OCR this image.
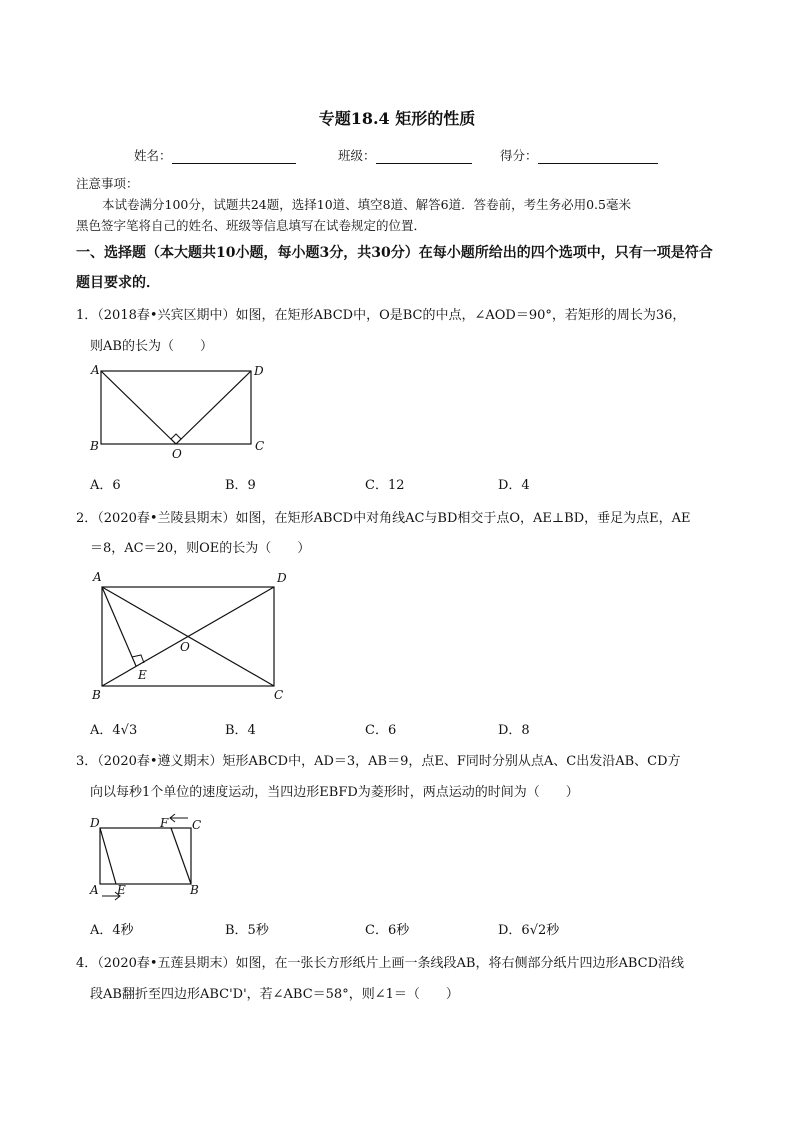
专题18.4 矩形的性质
姓名：	班级：	得分：
注意事项：
本试卷满分100分，试题共24题，选择10道、填空8道、解答6道．答卷前，考生务必用0.5毫米
黑色签字笔将自己的姓名、班级等信息填写在试卷规定的位置．
一、选择题（本大题共10小题，每小题3分，共30分）在每小题所给出的四个选项中，只有一项是符合
题目要求的．
1．（2018春•兴宾区期中）如图，在矩形ABCD中，O是BC的中点，∠AOD＝90°，若矩形的周长为36，
则AB的长为（　　）
A	D
B	C
O
A．6	B．9	C．12	D．4
2．（2020春•兰陵县期末）如图，在矩形ABCD中对角线AC与BD相交于点O，AE⊥BD，垂足为点E，AE
＝8，AC＝20，则OE的长为（　　）
A	D
B	C
O
E
A．4√3	B．4	C．6	D．8
3．（2020春•遵义期末）矩形ABCD中，AD＝3，AB＝9，点E、F同时分别从点A、C出发沿AB、CD方
向以每秒1个单位的速度运动，当四边形EBFD为菱形时，两点运动的时间为（　　）
D	F C
A E	B
A．4秒	B．5秒	C．6秒	D．6√2秒
4．（2020春•五莲县期末）如图，在一张长方形纸片上画一条线段AB，将右侧部分纸片四边形ABCD沿线
段AB翻折至四边形ABC'D'，若∠ABC＝58°，则∠1＝（　　）
